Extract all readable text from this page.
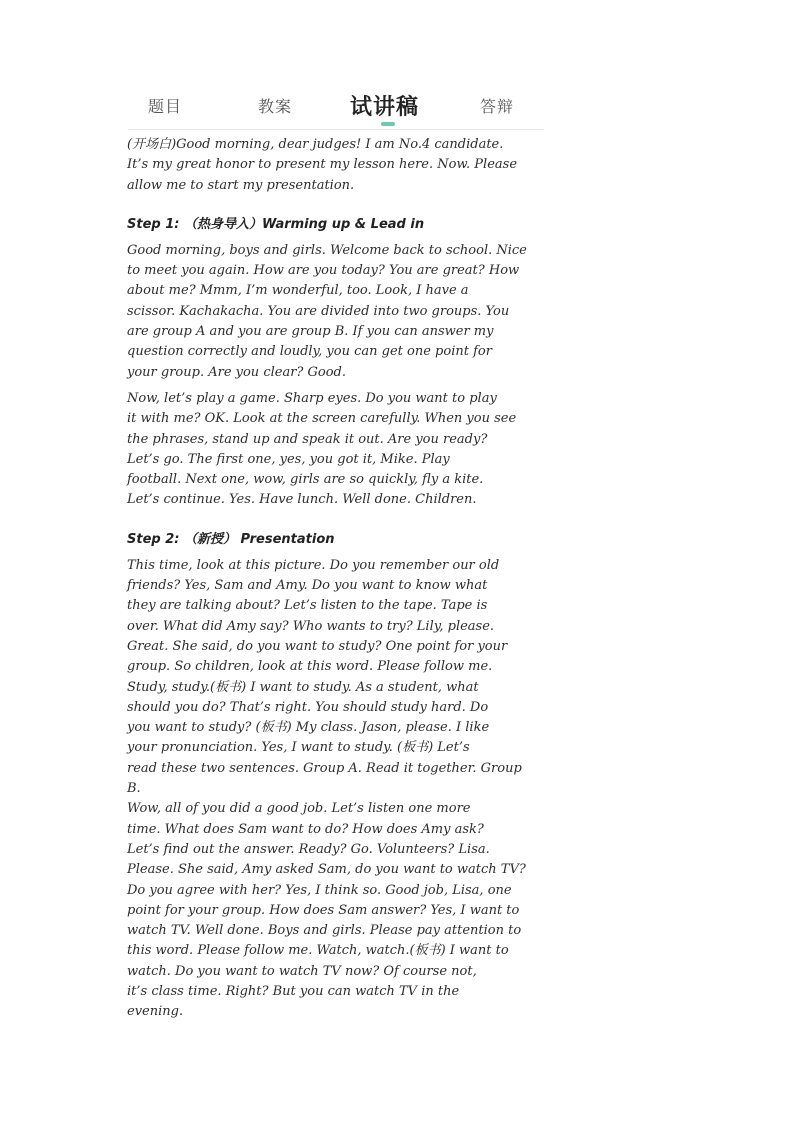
题目	教案	试讲稿	答辩

(开场白)Good morning, dear judges! I am No.4 candidate.
It’s my great honor to present my lesson here. Now. Please
allow me to start my presentation.

Step 1: （热身导入）Warming up & Lead in

Good morning, boys and girls. Welcome back to school. Nice
to meet you again. How are you today? You are great? How
about me? Mmm, I’m wonderful, too. Look, I have a
scissor. Kachakacha. You are divided into two groups. You
are group A and you are group B. If you can answer my
question correctly and loudly, you can get one point for
your group. Are you clear? Good.

Now, let’s play a game. Sharp eyes. Do you want to play
it with me? OK. Look at the screen carefully. When you see
the phrases, stand up and speak it out. Are you ready?
Let’s go. The first one, yes, you got it, Mike. Play
football. Next one, wow, girls are so quickly, fly a kite.
Let’s continue. Yes. Have lunch. Well done. Children.

Step 2: （新授） Presentation

This time, look at this picture. Do you remember our old
friends? Yes, Sam and Amy. Do you want to know what
they are talking about? Let’s listen to the tape. Tape is
over. What did Amy say? Who wants to try? Lily, please.
Great. She said, do you want to study? One point for your
group. So children, look at this word. Please follow me.
Study, study.(板书) I want to study. As a student, what
should you do? That’s right. You should study hard. Do
you want to study? (板书) My class. Jason, please. I like
your pronunciation. Yes, I want to study. (板书) Let’s
read these two sentences. Group A. Read it together. Group B.
Wow, all of you did a good job. Let’s listen one more
time. What does Sam want to do? How does Amy ask?
Let’s find out the answer. Ready? Go. Volunteers? Lisa.
Please. She said, Amy asked Sam, do you want to watch TV?
Do you agree with her? Yes, I think so. Good job, Lisa, one
point for your group. How does Sam answer? Yes, I want to
watch TV. Well done. Boys and girls. Please pay attention to
this word. Please follow me. Watch, watch.(板书) I want to
watch. Do you want to watch TV now? Of course not,
it’s class time. Right? But you can watch TV in the
evening.
